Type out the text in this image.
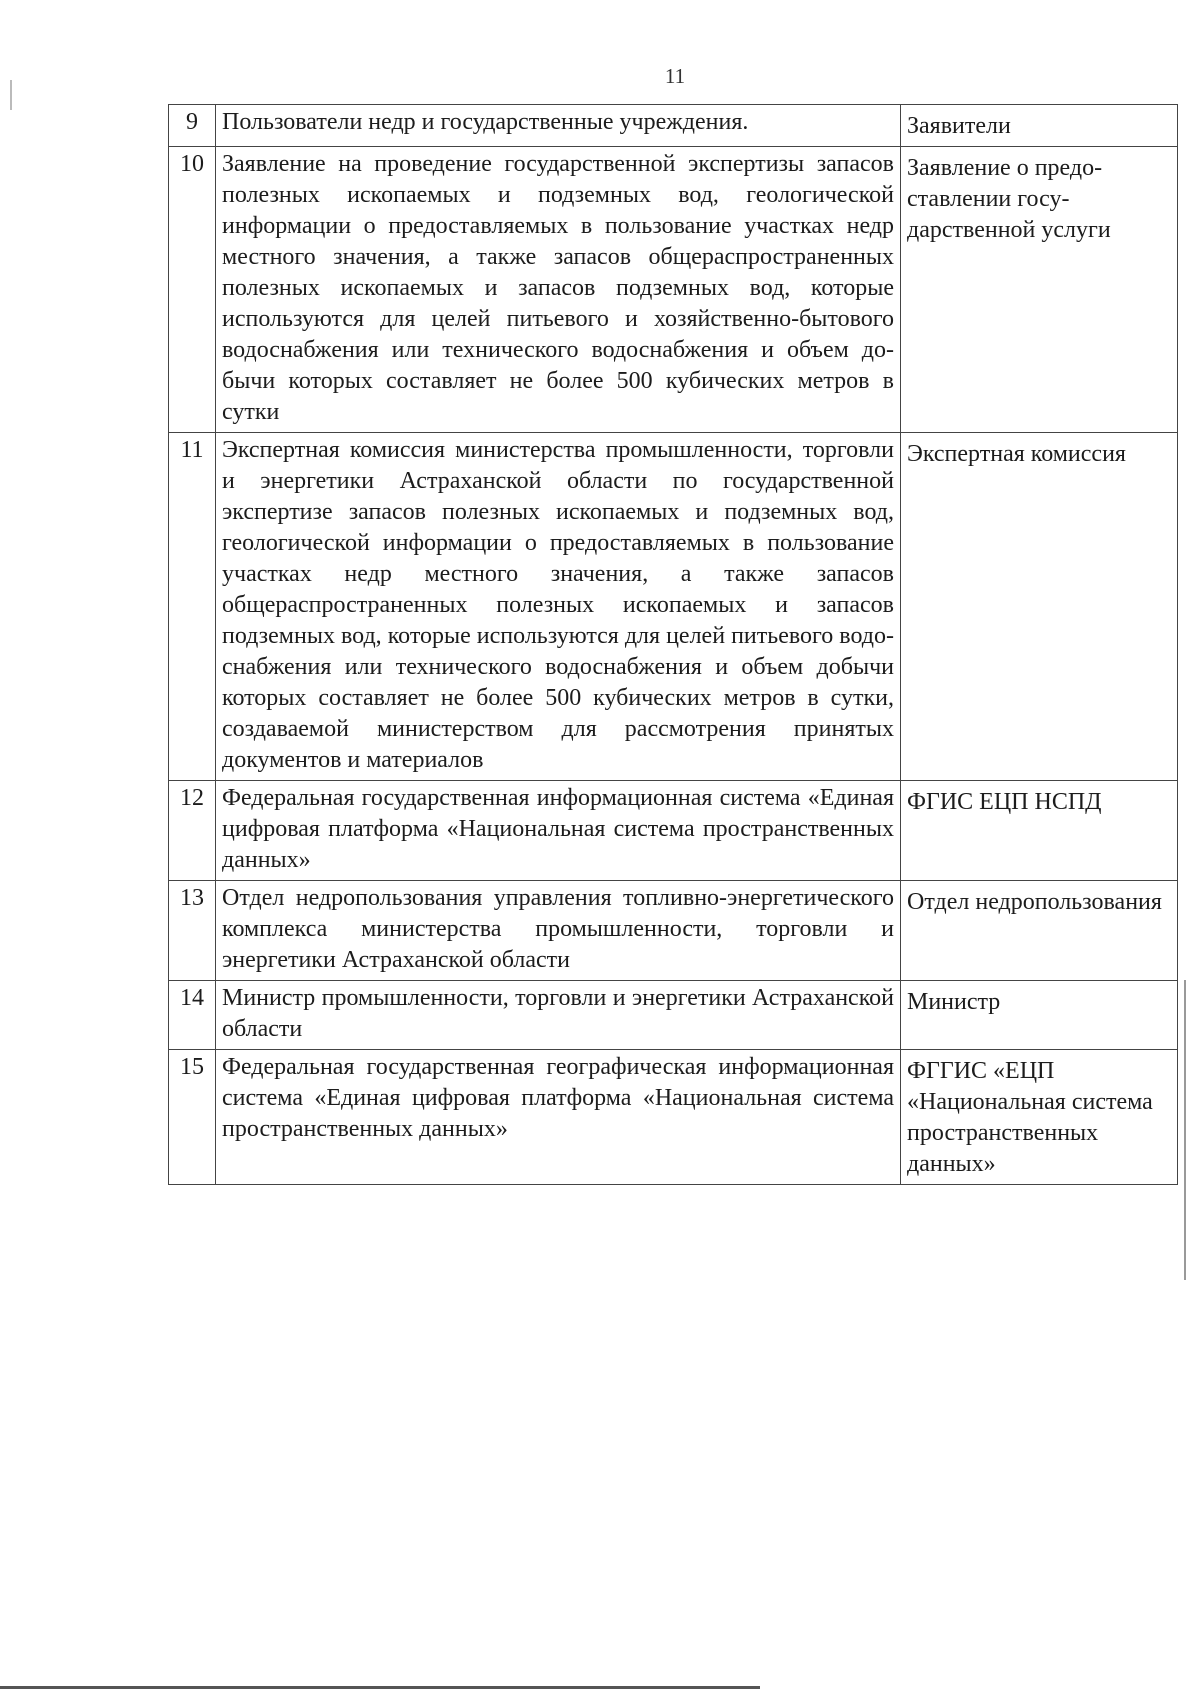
11
9	Пользователи недр и государственные учреждения.	Заявители
10	Заявление на проведение государственной экспертизы запасов полезных ископаемых и подземных вод, геологической информации о предоставляемых в пользование участках недр местного значения, а также запасов общераспространенных полезных ископаемых и запасов подземных вод, которые используются для целей питьевого и хозяйственно-бытового водоснабжения или технического водоснабжения и объем добычи которых составляет не более 500 кубических метров в сутки	Заявление о предоставлении государственной услуги
11	Экспертная комиссия министерства промышленности, торговли и энергетики Астраханской области по государственной экспертизе запасов полезных ископаемых и подземных вод, геологической информации о предоставляемых в пользование участках недр местного значения, а также запасов общераспространенных полезных ископаемых и запасов подземных вод, которые используются для целей питьевого водоснабжения или технического водоснабжения и объем добычи которых составляет не более 500 кубических метров в сутки, создаваемой министерством для рассмотрения принятых документов и материалов	Экспертная комиссия
12	Федеральная государственная информационная система «Единая цифровая платформа «Национальная система пространственных данных»	ФГИС ЕЦП НСПД
13	Отдел недропользования управления топливно-энергетического комплекса министерства промышленности, торговли и энергетики Астраханской области	Отдел недропользования
14	Министр промышленности, торговли и энергетики Астраханской области	Министр
15	Федеральная государственная географическая информационная система «Единая цифровая платформа «Национальная система пространственных данных»	ФГГИС «ЕЦП «Национальная система пространственных данных»
